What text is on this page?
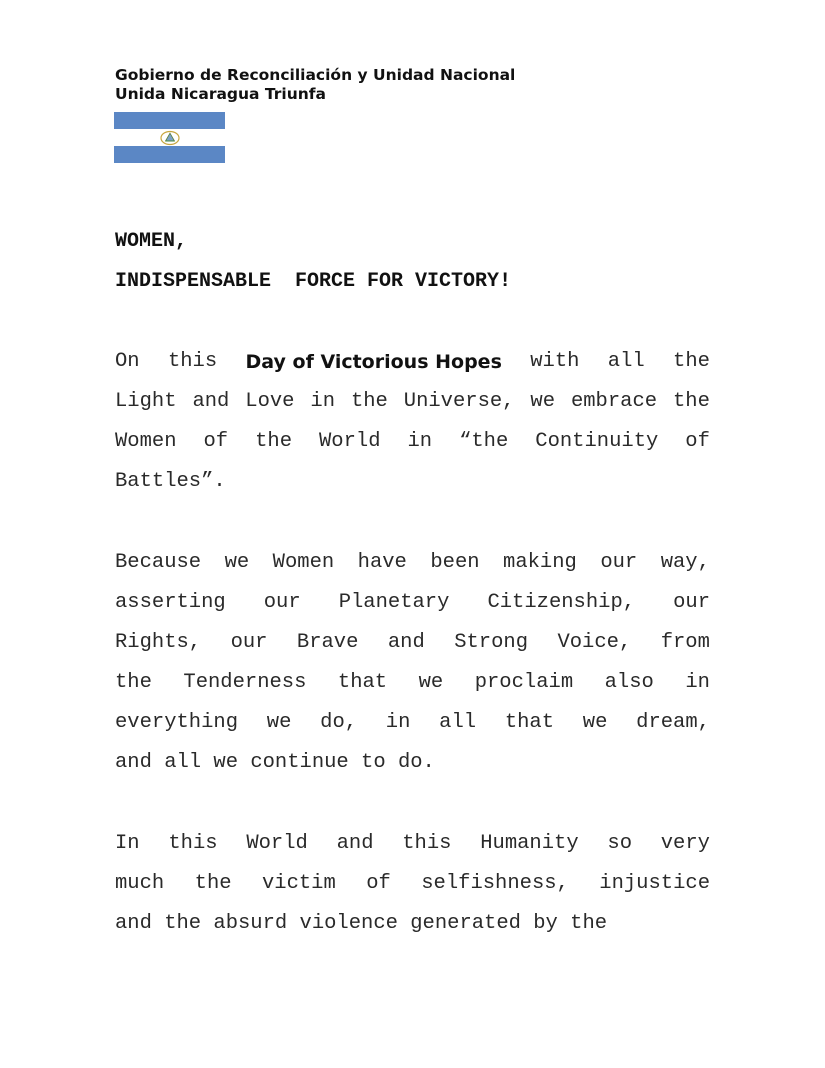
Gobierno de Reconciliación y Unidad Nacional
Unida Nicaragua Triunfa
WOMEN,
INDISPENSABLE  FORCE FOR VICTORY!
On this Day of Victorious Hopes with all the
Light and Love in the Universe, we embrace the
Women of the World in “the Continuity of
Battles”.
Because we Women have been making our way,
asserting our Planetary Citizenship, our
Rights, our Brave and Strong Voice, from
the Tenderness that we proclaim also in
everything we do, in all that we dream,
and all we continue to do.
In this World and this Humanity so very
much the victim of selfishness, injustice
and the absurd violence generated by the
